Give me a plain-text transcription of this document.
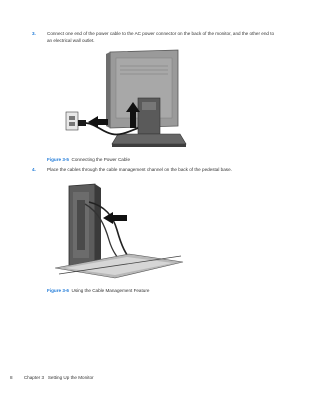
3. Connect one end of the power cable to the AC power connector on the back of the monitor, and the other end to an electrical wall outlet.
Figure 3-5 Connecting the Power Cable
4. Place the cables through the cable management channel on the back of the pedestal base.
Figure 3-6 Using the Cable Management Feature
8 Chapter 3   Setting Up the Monitor
